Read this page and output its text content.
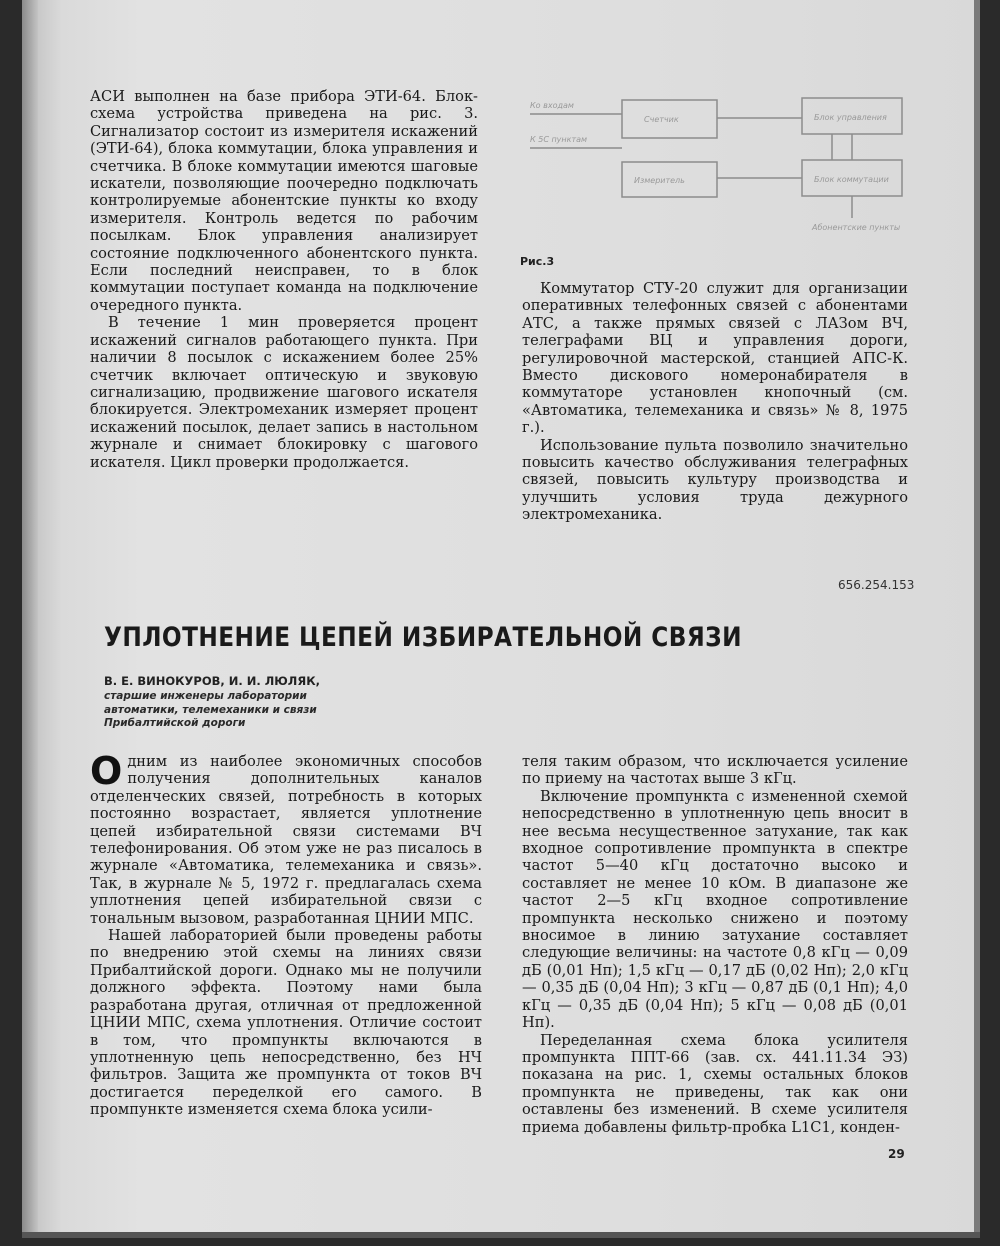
АСИ выполнен на базе прибора ЭТИ-64. Блок-схема устройства приведена на рис. 3. Сигнализатор состоит из измерителя искажений (ЭТИ-64), блока коммутации, блока управления и счетчика. В блоке коммутации имеются шаговые искатели, позволяющие поочередно подключать контролируемые абонентские пункты ко входу измерителя. Контроль ведется по рабочим посылкам. Блок управления анализирует состояние подключенного абонентского пункта. Если последний неисправен, то в блок коммутации поступает команда на подключение очередного пункта.

В течение 1 мин проверяется процент искажений сигналов работающего пункта. При наличии 8 посылок с искажением более 25% счетчик включает оптическую и звуковую сигнализацию, продвижение шагового искателя блокируется. Электромеханик измеряет процент искажений посылок, делает запись в настольном журнале и снимает блокировку с шагового искателя. Цикл проверки продолжается.

Ко входам
К 5С пунктам
Счетчик
Измеритель
Блок управления
Блок коммутации
Абонентские пункты
Рис.3

Коммутатор СТУ-20 служит для организации оперативных телефонных связей с абонентами АТС, а также прямых связей с ЛАЗом ВЧ, телеграфами ВЦ и управления дороги, регулировочной мастерской, станцией АПС-К. Вместо дискового номеронабирателя в коммутаторе установлен кнопочный (см. «Автоматика, телемеханика и связь» № 8, 1975 г.).

Использование пульта позволило значительно повысить качество обслуживания телеграфных связей, повысить культуру производства и улучшить условия труда дежурного электромеханика.

656.254.153
УПЛОТНЕНИЕ ЦЕПЕЙ ИЗБИРАТЕЛЬНОЙ СВЯЗИ
В. Е. ВИНОКУРОВ, И. И. ЛЮЛЯК,
старшие инженеры лаборатории автоматики, телемеханики и связи Прибалтийской дороги

Одним из наиболее экономичных способов получения дополнительных каналов отделенческих связей, потребность в которых постоянно возрастает, является уплотнение цепей избирательной связи системами ВЧ телефонирования. Об этом уже не раз писалось в журнале «Автоматика, телемеханика и связь». Так, в журнале № 5, 1972 г. предлагалась схема уплотнения цепей избирательной связи с тональным вызовом, разработанная ЦНИИ МПС.

Нашей лабораторией были проведены работы по внедрению этой схемы на линиях связи Прибалтийской дороги. Однако мы не получили должного эффекта. Поэтому нами была разработана другая, отличная от предложенной ЦНИИ МПС, схема уплотнения. Отличие состоит в том, что промпункты включаются в уплотненную цепь непосредственно, без НЧ фильтров. Защита же промпункта от токов ВЧ достигается переделкой его самого. В промпункте изменяется схема блока усили-

теля таким образом, что исключается усиление по приему на частотах выше 3 кГц.

Включение промпункта с измененной схемой непосредственно в уплотненную цепь вносит в нее весьма несущественное затухание, так как входное сопротивление промпункта в спектре частот 5—40 кГц достаточно высоко и составляет не менее 10 кОм. В диапазоне же частот 2—5 кГц входное сопротивление промпункта несколько снижено и поэтому вносимое в линию затухание составляет следующие величины: на частоте 0,8 кГц — 0,09 дБ (0,01 Нп); 1,5 кГц — 0,17 дБ (0,02 Нп); 2,0 кГц — 0,35 дБ (0,04 Нп); 3 кГц — 0,87 дБ (0,1 Нп); 4,0 кГц — 0,35 дБ (0,04 Нп); 5 кГц — 0,08 дБ (0,01 Нп).

Переделанная схема блока усилителя промпункта ППТ-66 (зав. сх. 441.11.34 ЭЗ) показана на рис. 1, схемы остальных блоков промпункта не приведены, так как они оставлены без изменений. В схеме усилителя приема добавлены фильтр-пробка L1C1, конден-

29
